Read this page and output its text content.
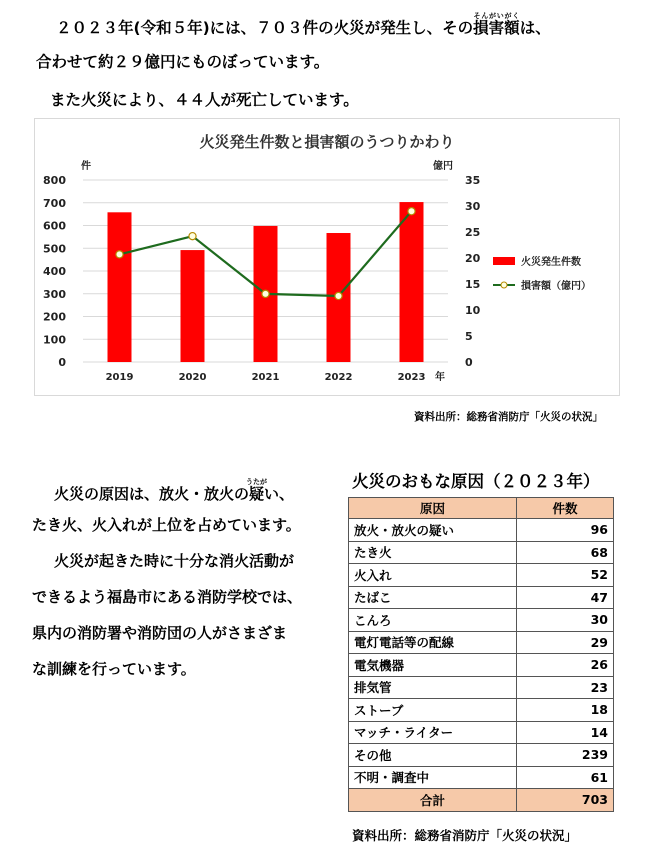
２０２３年(令和５年)には、７０３件の火災が発生し、その損害額そんがいがくは、
合わせて約２９億円にものぼっています。
また火災により、４４人が死亡しています。
火災発生件数と損害額のうつりかわり
件	億円
0
100
200
300
400
500
600
700
800
0
5
10
15
20
25
30
35
2019	2020	2021	2022	2023 年
火災発生件数
損害額（億円）
資料出所：総務省消防庁「火災の状況」
火災の原因は、放火・放火の疑うたがい、
たき火、火入れが上位を占めています。
火災が起きた時に十分な消火活動が
できるよう福島市にある消防学校では、
県内の消防署や消防団の人がさまざま
な訓練を行っています。
火災のおもな原因（２０２３年）
原因	件数
放火・放火の疑い	96
たき火	68
火入れ	52
たばこ	47
こんろ	30
電灯電話等の配線	29
電気機器	26
排気管	23
ストーブ	18
マッチ・ライター	14
その他	239
不明・調査中	61
合計	703
資料出所：総務省消防庁「火災の状況」
